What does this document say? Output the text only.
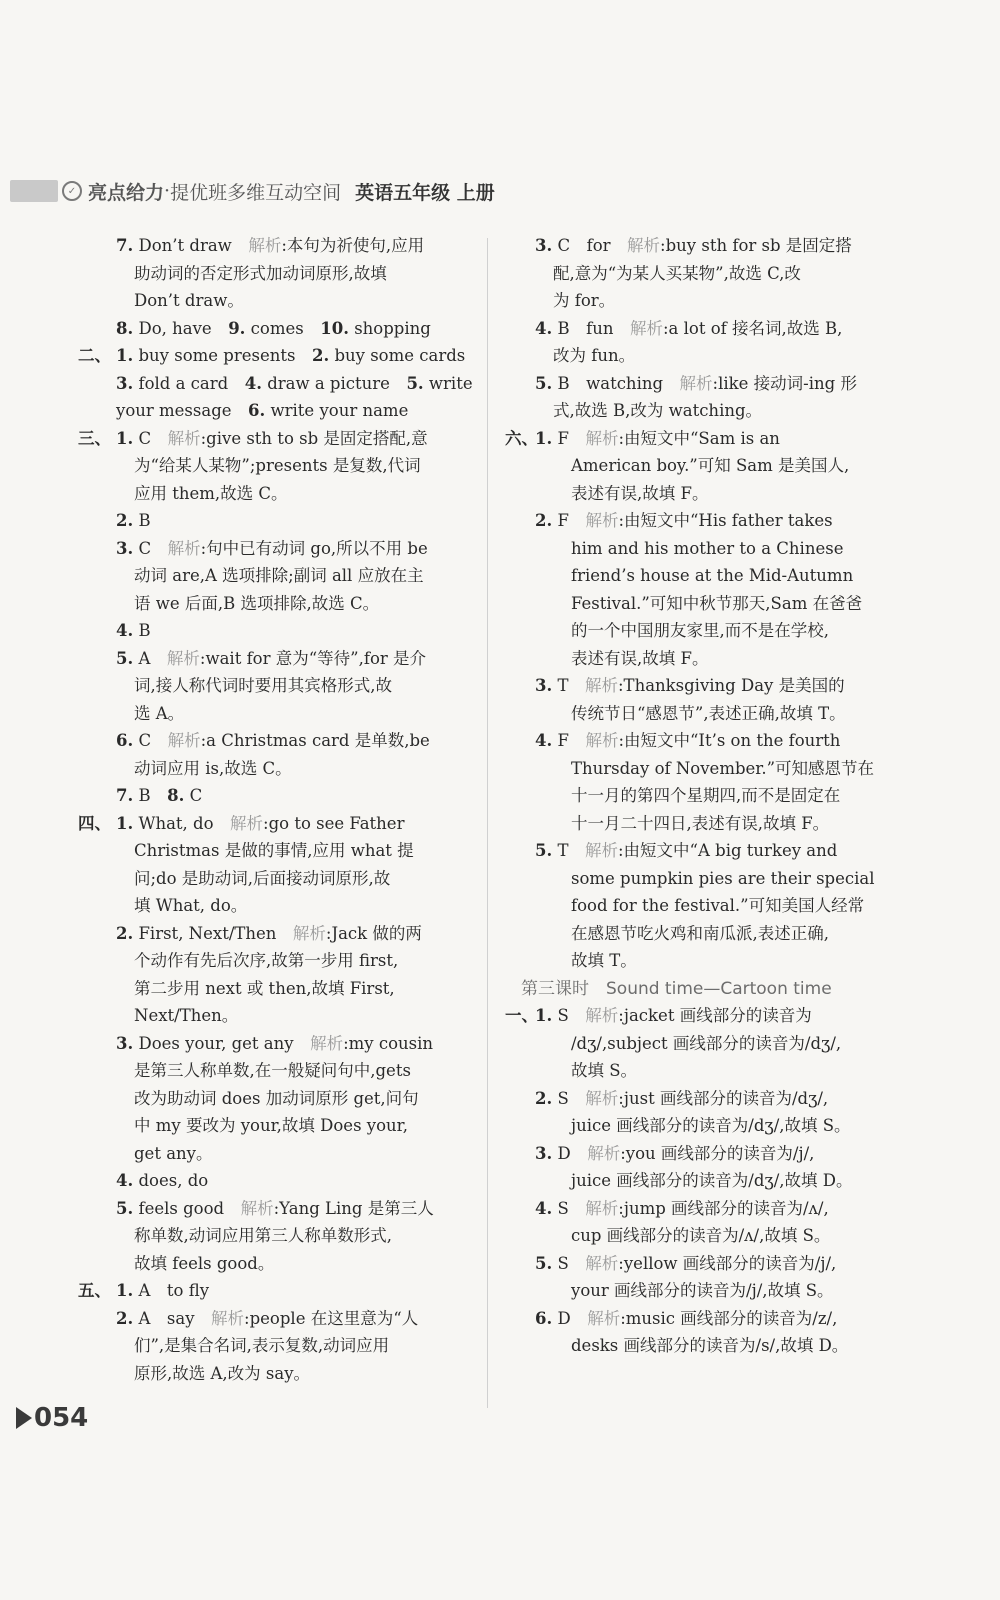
✓ 亮点给力 · 提优班多维互动空间 英语五年级 上册
7. Don’t draw　解析:本句为祈使句,应用
助动词的否定形式加动词原形,故填
Don’t draw。
8. Do, have　9. comes　10. shopping
二、 1. buy some presents　2. buy some cards
3. fold a card　4. draw a picture　5. write
your message　6. write your name
三、 1. C　解析:give sth to sb 是固定搭配,意
为“给某人某物”;presents 是复数,代词
应用 them,故选 C。
2. B
3. C　解析:句中已有动词 go,所以不用 be
动词 are,A 选项排除;副词 all 应放在主
语 we 后面,B 选项排除,故选 C。
4. B
5. A　解析:wait for 意为“等待”,for 是介
词,接人称代词时要用其宾格形式,故
选 A。
6. C　解析:a Christmas card 是单数,be
动词应用 is,故选 C。
7. B　8. C
四、 1. What, do　解析:go to see Father
Christmas 是做的事情,应用 what 提
问;do 是助动词,后面接动词原形,故
填 What, do。
2. First, Next/Then　解析:Jack 做的两
个动作有先后次序,故第一步用 first,
第二步用 next 或 then,故填 First,
Next/Then。
3. Does your, get any　解析:my cousin
是第三人称单数,在一般疑问句中,gets
改为助动词 does 加动词原形 get,问句
中 my 要改为 your,故填 Does your,
get any。
4. does, do
5. feels good　解析:Yang Ling 是第三人
称单数,动词应用第三人称单数形式,
故填 feels good。
五、 1. A　to fly
2. A　say　解析:people 在这里意为“人
们”,是集合名词,表示复数,动词应用
原形,故选 A,改为 say。
3. C　for　解析:buy sth for sb 是固定搭
配,意为“为某人买某物”,故选 C,改
为 for。
4. B　fun　解析:a lot of 接名词,故选 B,
改为 fun。
5. B　watching　解析:like 接动词-ing 形
式,故选 B,改为 watching。
六、
1. F　解析:由短文中“Sam is an
American boy.”可知 Sam 是美国人,
表述有误,故填 F。
2. F　解析:由短文中“His father takes
him and his mother to a Chinese
friend’s house at the Mid-Autumn
Festival.”可知中秋节那天,Sam 在爸爸
的一个中国朋友家里,而不是在学校,
表述有误,故填 F。
3. T　解析:Thanksgiving Day 是美国的
传统节日“感恩节”,表述正确,故填 T。
4. F　解析:由短文中“It’s on the fourth
Thursday of November.”可知感恩节在
十一月的第四个星期四,而不是固定在
十一月二十四日,表述有误,故填 F。
5. T　解析:由短文中“A big turkey and
some pumpkin pies are their special
food for the festival.”可知美国人经常
在感恩节吃火鸡和南瓜派,表述正确,
故填 T。
第三课时　Sound time—Cartoon time
一、
1. S　解析:jacket 画线部分的读音为
/dʒ/,subject 画线部分的读音为/dʒ/,
故填 S。
2. S　解析:just 画线部分的读音为/dʒ/,
juice 画线部分的读音为/dʒ/,故填 S。
3. D　解析:you 画线部分的读音为/j/,
juice 画线部分的读音为/dʒ/,故填 D。
4. S　解析:jump 画线部分的读音为/ʌ/,
cup 画线部分的读音为/ʌ/,故填 S。
5. S　解析:yellow 画线部分的读音为/j/,
your 画线部分的读音为/j/,故填 S。
6. D　解析:music 画线部分的读音为/z/,
desks 画线部分的读音为/s/,故填 D。
054
